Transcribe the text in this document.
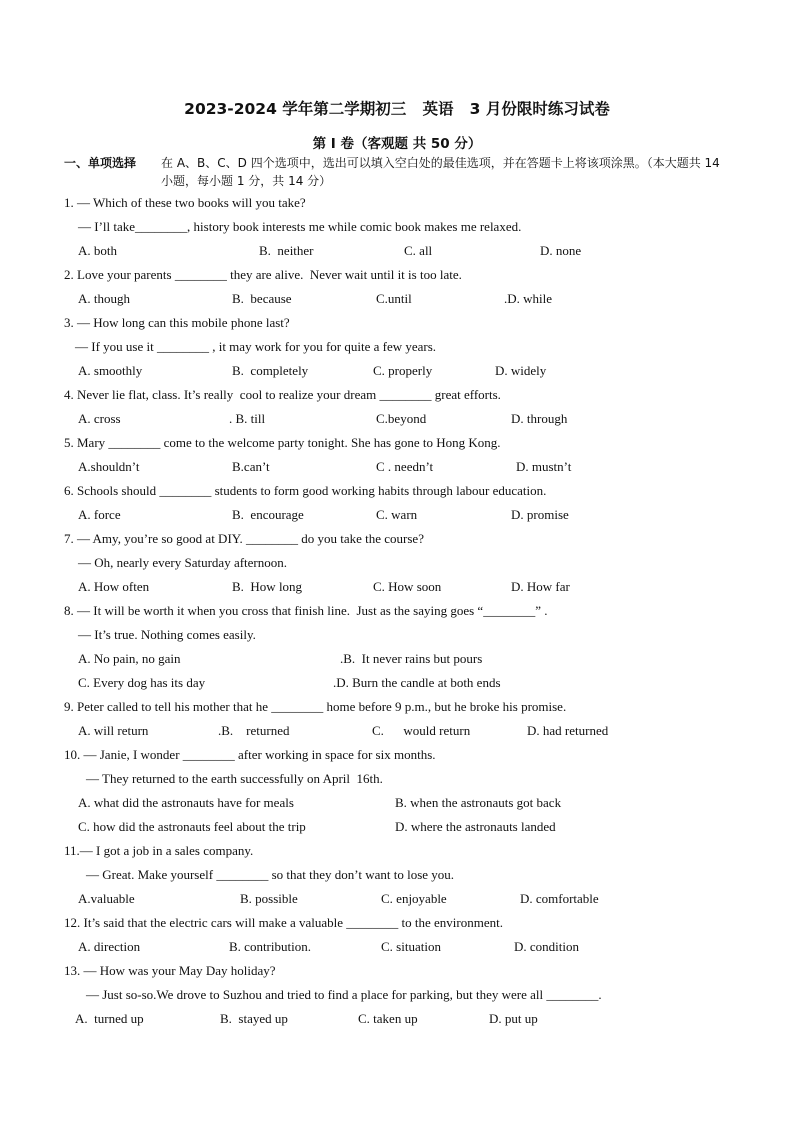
2023-2024 学年第二学期初三   英语   3 月份限时练习试卷
第 I 卷（客观题 共 50 分）
一、单项选择 在 A、B、C、D 四个选项中，选出可以填入空白处的最佳选项，并在答题卡上将该项涂黑。（本大题共 14 小题，每小题 1 分，共 14 分）
1. — Which of these two books will you take?
— I’ll take________, history book interests me while comic book makes me relaxed.
A. both	B.  neither	C. all	D. none
2. Love your parents ________ they are alive.  Never wait until it is too late.
A. though	B.  because	C.until	.D. while
3. — How long can this mobile phone last?
— If you use it ________ , it may work for you for quite a few years.
A. smoothly	B.  completely	C. properly	D. widely
4. Never lie flat, class. It’s really  cool to realize your dream ________ great efforts.
A. cross	. B. till	C.beyond	D. through
5. Mary ________ come to the welcome party tonight. She has gone to Hong Kong.
A.shouldn’t	B.can’t	C . needn’t	D. mustn’t
6. Schools should ________ students to form good working habits through labour education.
A. force	B.  encourage	C. warn	D. promise
7. — Amy, you’re so good at DIY. ________ do you take the course?
— Oh, nearly every Saturday afternoon.
A. How often	B.  How long	C. How soon	D. How far
8. — It will be worth it when you cross that finish line.  Just as the saying goes “________” .
— It’s true. Nothing comes easily.
A. No pain, no gain	.B.  It never rains but pours
C. Every dog has its day	.D. Burn the candle at both ends
9. Peter called to tell his mother that he ________ home before 9 p.m., but he broke his promise.
A. will return	.B.    returned	C.      would return	D. had returned
10. — Janie, I wonder ________ after working in space for six months.
— They returned to the earth successfully on April  16th.
A. what did the astronauts have for meals	B. when the astronauts got back
C. how did the astronauts feel about the trip	D. where the astronauts landed
11.— I got a job in a sales company.
— Great. Make yourself ________ so that they don’t want to lose you.
A.valuable	B. possible	C. enjoyable	D. comfortable
12. It’s said that the electric cars will make a valuable ________ to the environment.
A. direction	B. contribution.	C. situation	D. condition
13. — How was your May Day holiday?
— Just so-so.We drove to Suzhou and tried to find a place for parking, but they were all ________.
A.  turned up	B.  stayed up	C. taken up	D. put up
